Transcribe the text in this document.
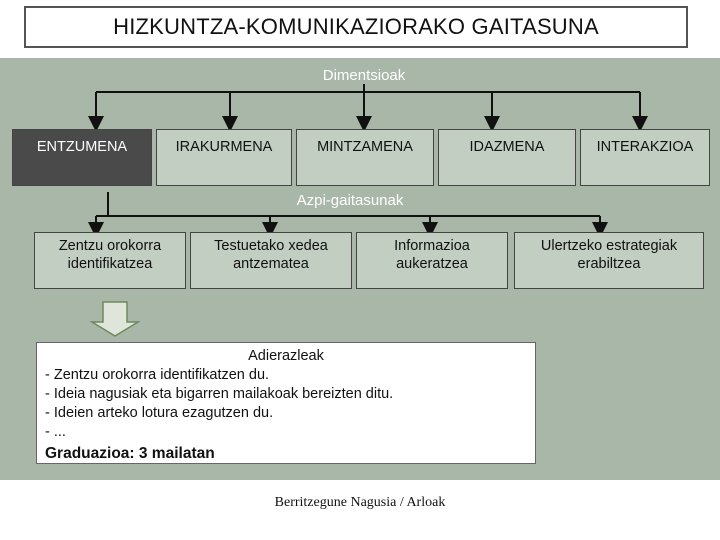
HIZKUNTZA-KOMUNIKAZIORAKO GAITASUNA
Dimentsioak
ENTZUMENA	IRAKURMENA	MINTZAMENA	IDAZMENA	INTERAKZIOA
Azpi-gaitasunak
Zentzu orokorra
identifikatzea
Testuetako xedea
antzematea
Informazioa
aukeratzea
Ulertzeko estrategiak
erabiltzea
Adierazleak
- Zentzu orokorra identifikatzen du.
- Ideia nagusiak eta bigarren mailakoak bereizten ditu.
- Ideien arteko lotura ezagutzen du.
- ...
Graduazioa: 3 mailatan
Berritzegune Nagusia / Arloak
